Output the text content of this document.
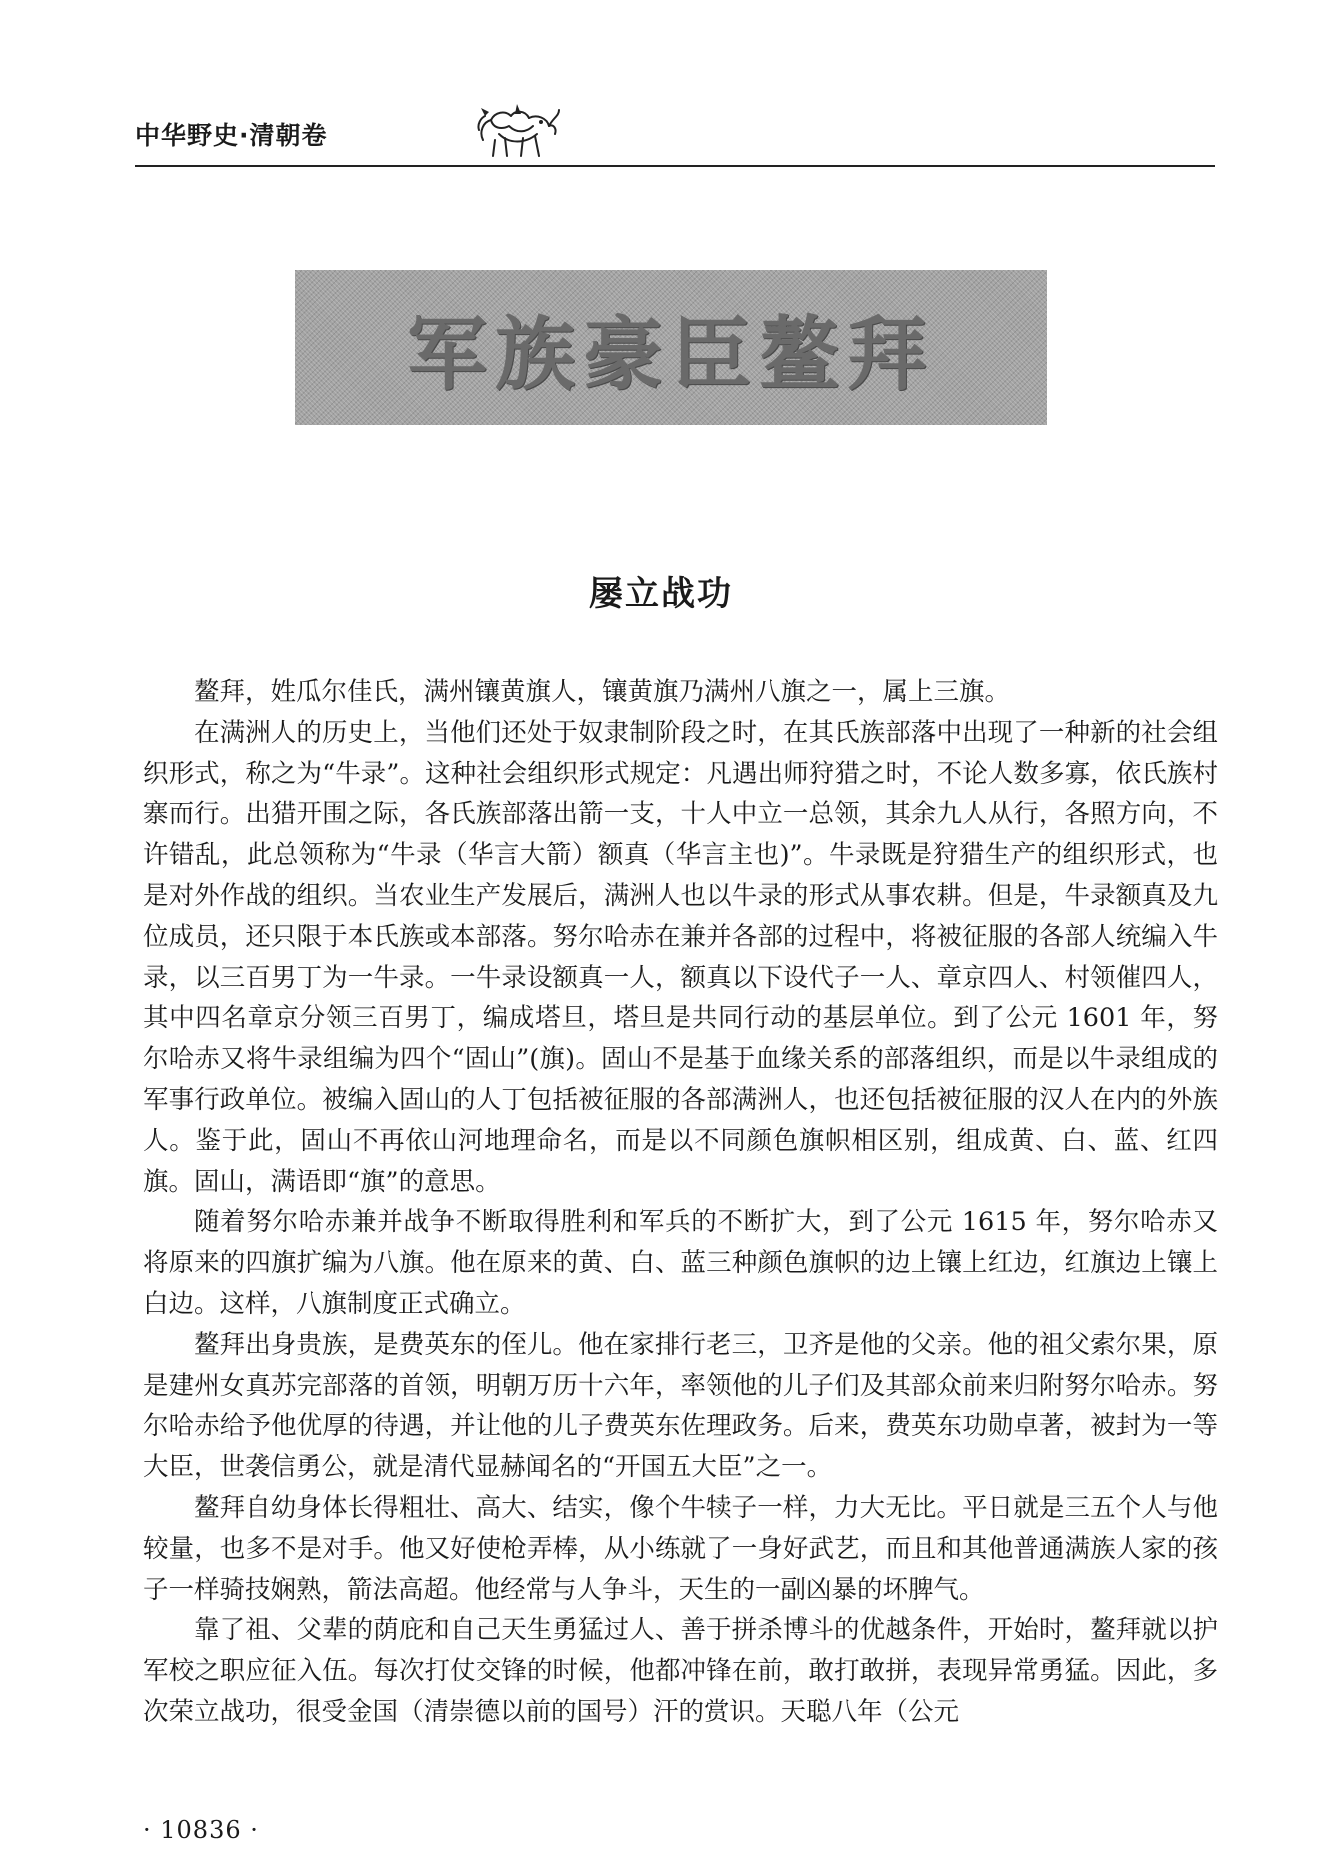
中华野史·清朝卷
军族豪臣鳌拜
屡立战功

鳌拜，姓瓜尔佳氏，满州镶黄旗人，镶黄旗乃满州八旗之一，属上三旗。

在满洲人的历史上，当他们还处于奴隶制阶段之时，在其氏族部落中出现了一种新的社会组织形式，称之为“牛录”。这种社会组织形式规定：凡遇出师狩猎之时，不论人数多寡，依氏族村寨而行。出猎开围之际，各氏族部落出箭一支，十人中立一总领，其余九人从行，各照方向，不许错乱，此总领称为“牛录（华言大箭）额真（华言主也)”。牛录既是狩猎生产的组织形式，也是对外作战的组织。当农业生产发展后，满洲人也以牛录的形式从事农耕。但是，牛录额真及九位成员，还只限于本氏族或本部落。努尔哈赤在兼并各部的过程中，将被征服的各部人统编入牛录，以三百男丁为一牛录。一牛录设额真一人，额真以下设代子一人、章京四人、村领催四人，其中四名章京分领三百男丁，编成塔旦，塔旦是共同行动的基层单位。到了公元 1601 年，努尔哈赤又将牛录组编为四个“固山”(旗)。固山不是基于血缘关系的部落组织，而是以牛录组成的军事行政单位。被编入固山的人丁包括被征服的各部满洲人，也还包括被征服的汉人在内的外族人。鉴于此，固山不再依山河地理命名，而是以不同颜色旗帜相区别，组成黄、白、蓝、红四旗。固山，满语即“旗”的意思。

随着努尔哈赤兼并战争不断取得胜利和军兵的不断扩大，到了公元 1615 年，努尔哈赤又将原来的四旗扩编为八旗。他在原来的黄、白、蓝三种颜色旗帜的边上镶上红边，红旗边上镶上白边。这样，八旗制度正式确立。

鳌拜出身贵族，是费英东的侄儿。他在家排行老三，卫齐是他的父亲。他的祖父索尔果，原是建州女真苏完部落的首领，明朝万历十六年，率领他的儿子们及其部众前来归附努尔哈赤。努尔哈赤给予他优厚的待遇，并让他的儿子费英东佐理政务。后来，费英东功勋卓著，被封为一等大臣，世袭信勇公，就是清代显赫闻名的“开国五大臣”之一。

鳌拜自幼身体长得粗壮、高大、结实，像个牛犊子一样，力大无比。平日就是三五个人与他较量，也多不是对手。他又好使枪弄棒，从小练就了一身好武艺，而且和其他普通满族人家的孩子一样骑技娴熟，箭法高超。他经常与人争斗，天生的一副凶暴的坏脾气。

靠了祖、父辈的荫庇和自己天生勇猛过人、善于拼杀博斗的优越条件，开始时，鳌拜就以护军校之职应征入伍。每次打仗交锋的时候，他都冲锋在前，敢打敢拼，表现异常勇猛。因此，多次荣立战功，很受金国（清崇德以前的国号）汗的赏识。天聪八年（公元

· 10836 ·
